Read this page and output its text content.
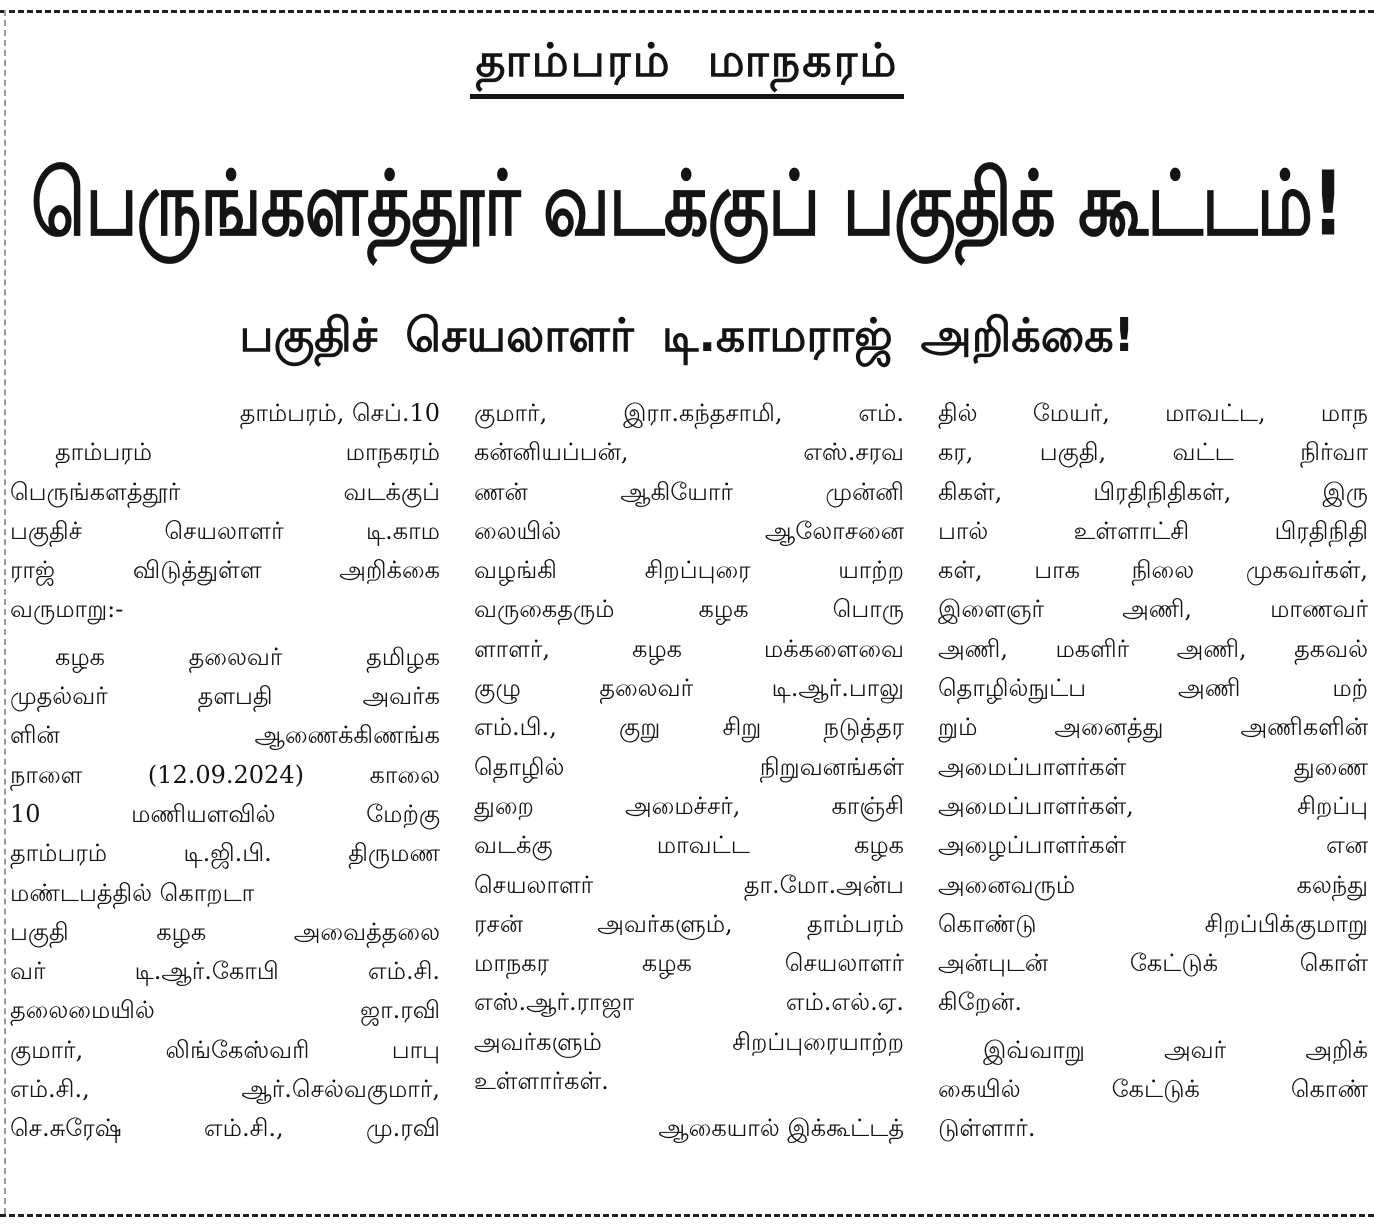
தாம்பரம் மாநகரம்
பெருங்களத்தூர் வடக்குப் பகுதிக் கூட்டம்!
பகுதிச் செயலாளர் டி.காமராஜ் அறிக்கை!
தாம்பரம், செப்.10
தாம்பரம் மாநகரம்
பெருங்களத்தூர் வடக்குப்
பகுதிச் செயலாளர் டி.காம
ராஜ் விடுத்துள்ள அறிக்கை
வருமாறு:-
கழக தலைவர் தமிழக
முதல்வர் தளபதி அவர்க
ளின் ஆணைக்கிணங்க
நாளை (12.09.2024) காலை
10 மணியளவில் மேற்கு
தாம்பரம் டி.ஜி.பி. திருமண
மண்டபத்தில் கொறடா
பகுதி கழக அவைத்தலை
வர் டி.ஆர்.கோபி எம்.சி.
தலைமையில் ஜா.ரவி
குமார், லிங்கேஸ்வரி பாபு
எம்.சி., ஆர்.செல்வகுமார்,
செ.சுரேஷ் எம்.சி., மு.ரவி
குமார், இரா.கந்தசாமி, எம்.
கன்னியப்பன், எஸ்.சரவ
ணன் ஆகியோர் முன்னி
லையில் ஆலோசனை
வழங்கி சிறப்புரை யாற்ற
வருகைதரும் கழக பொரு
ளாளர், கழக மக்களைவை
குழு தலைவர் டி.ஆர்.பாலு
எம்.பி., குறு சிறு நடுத்தர
தொழில் நிறுவனங்கள்
துறை அமைச்சர், காஞ்சி
வடக்கு மாவட்ட கழக
செயலாளர் தா.மோ.அன்ப
ரசன் அவர்களும், தாம்பரம்
மாநகர கழக செயலாளர்
எஸ்.ஆர்.ராஜா எம்.எல்.ஏ.
அவர்களும் சிறப்புரையாற்ற
உள்ளார்கள்.
ஆகையால் இக்கூட்டத்
தில் மேயர், மாவட்ட, மாந
கர, பகுதி, வட்ட நிர்வா
கிகள், பிரதிநிதிகள், இரு
பால் உள்ளாட்சி பிரதிநிதி
கள், பாக நிலை முகவர்கள்,
இளைஞர் அணி, மாணவர்
அணி, மகளிர் அணி, தகவல்
தொழில்நுட்ப அணி மற்
றும் அனைத்து அணிகளின்
அமைப்பாளர்கள் துணை
அமைப்பாளர்கள், சிறப்பு
அழைப்பாளர்கள் என
அனைவரும் கலந்து
கொண்டு சிறப்பிக்குமாறு
அன்புடன் கேட்டுக் கொள்
கிறேன்.
இவ்வாறு அவர் அறிக்
கையில் கேட்டுக் கொண்
டுள்ளார்.
